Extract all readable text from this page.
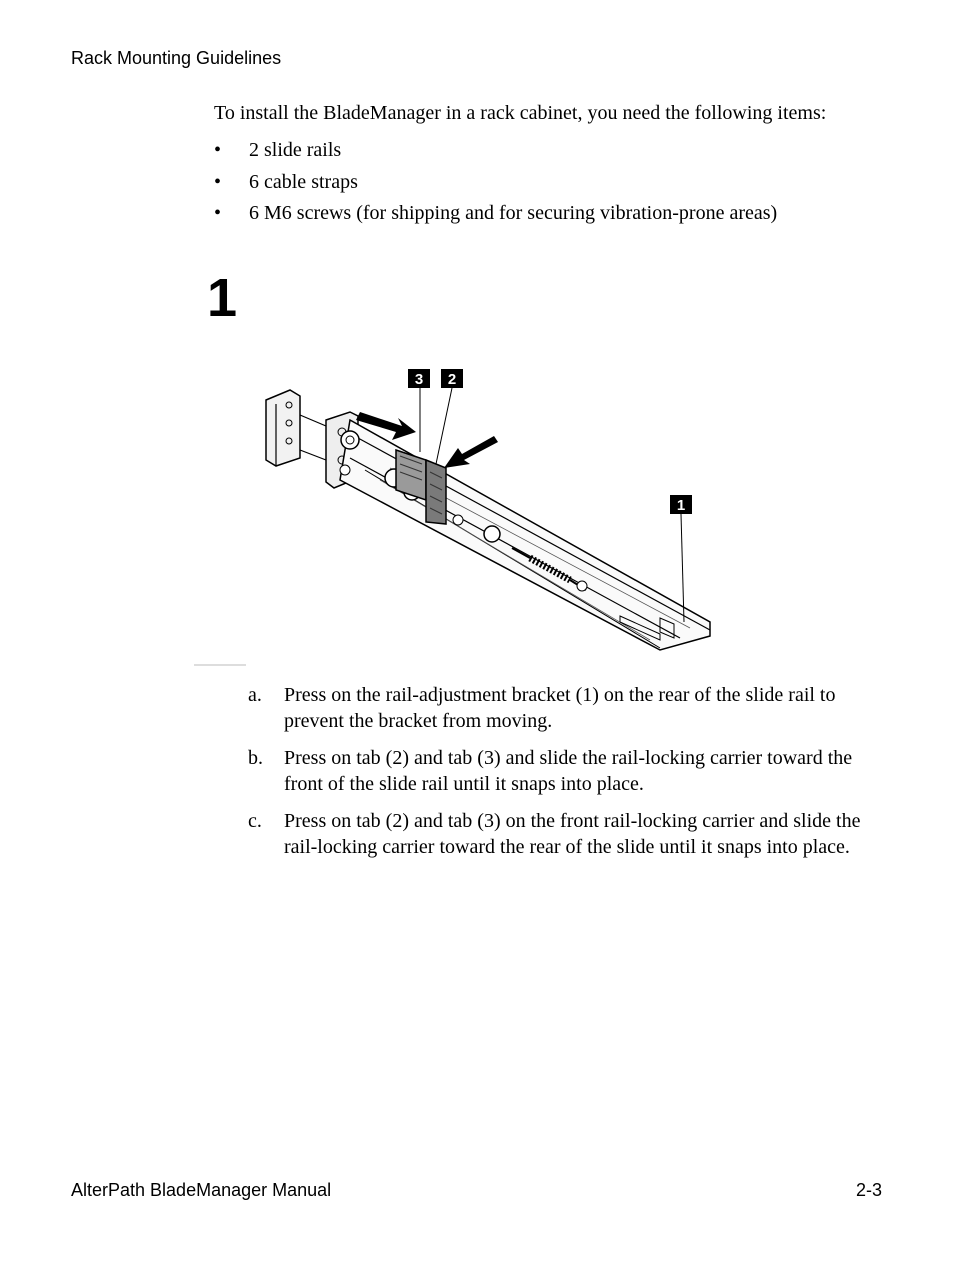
Rack Mounting Guidelines

To install the BladeManager in a rack cabinet, you need the following items:

• 2 slide rails
• 6 cable straps
• 6 M6 screws (for shipping and for securing vibration-prone areas)
1
3 2
1
a. Press on the rail-adjustment bracket (1) on the rear of the slide rail to prevent the bracket from moving.
b. Press on tab (2) and tab (3) and slide the rail-locking carrier toward the front of the slide rail until it snaps into place.
c. Press on tab (2) and tab (3) on the front rail-locking carrier and slide the rail-locking carrier toward the rear of the slide until it snaps into place.
AlterPath BladeManager Manual	2-3
